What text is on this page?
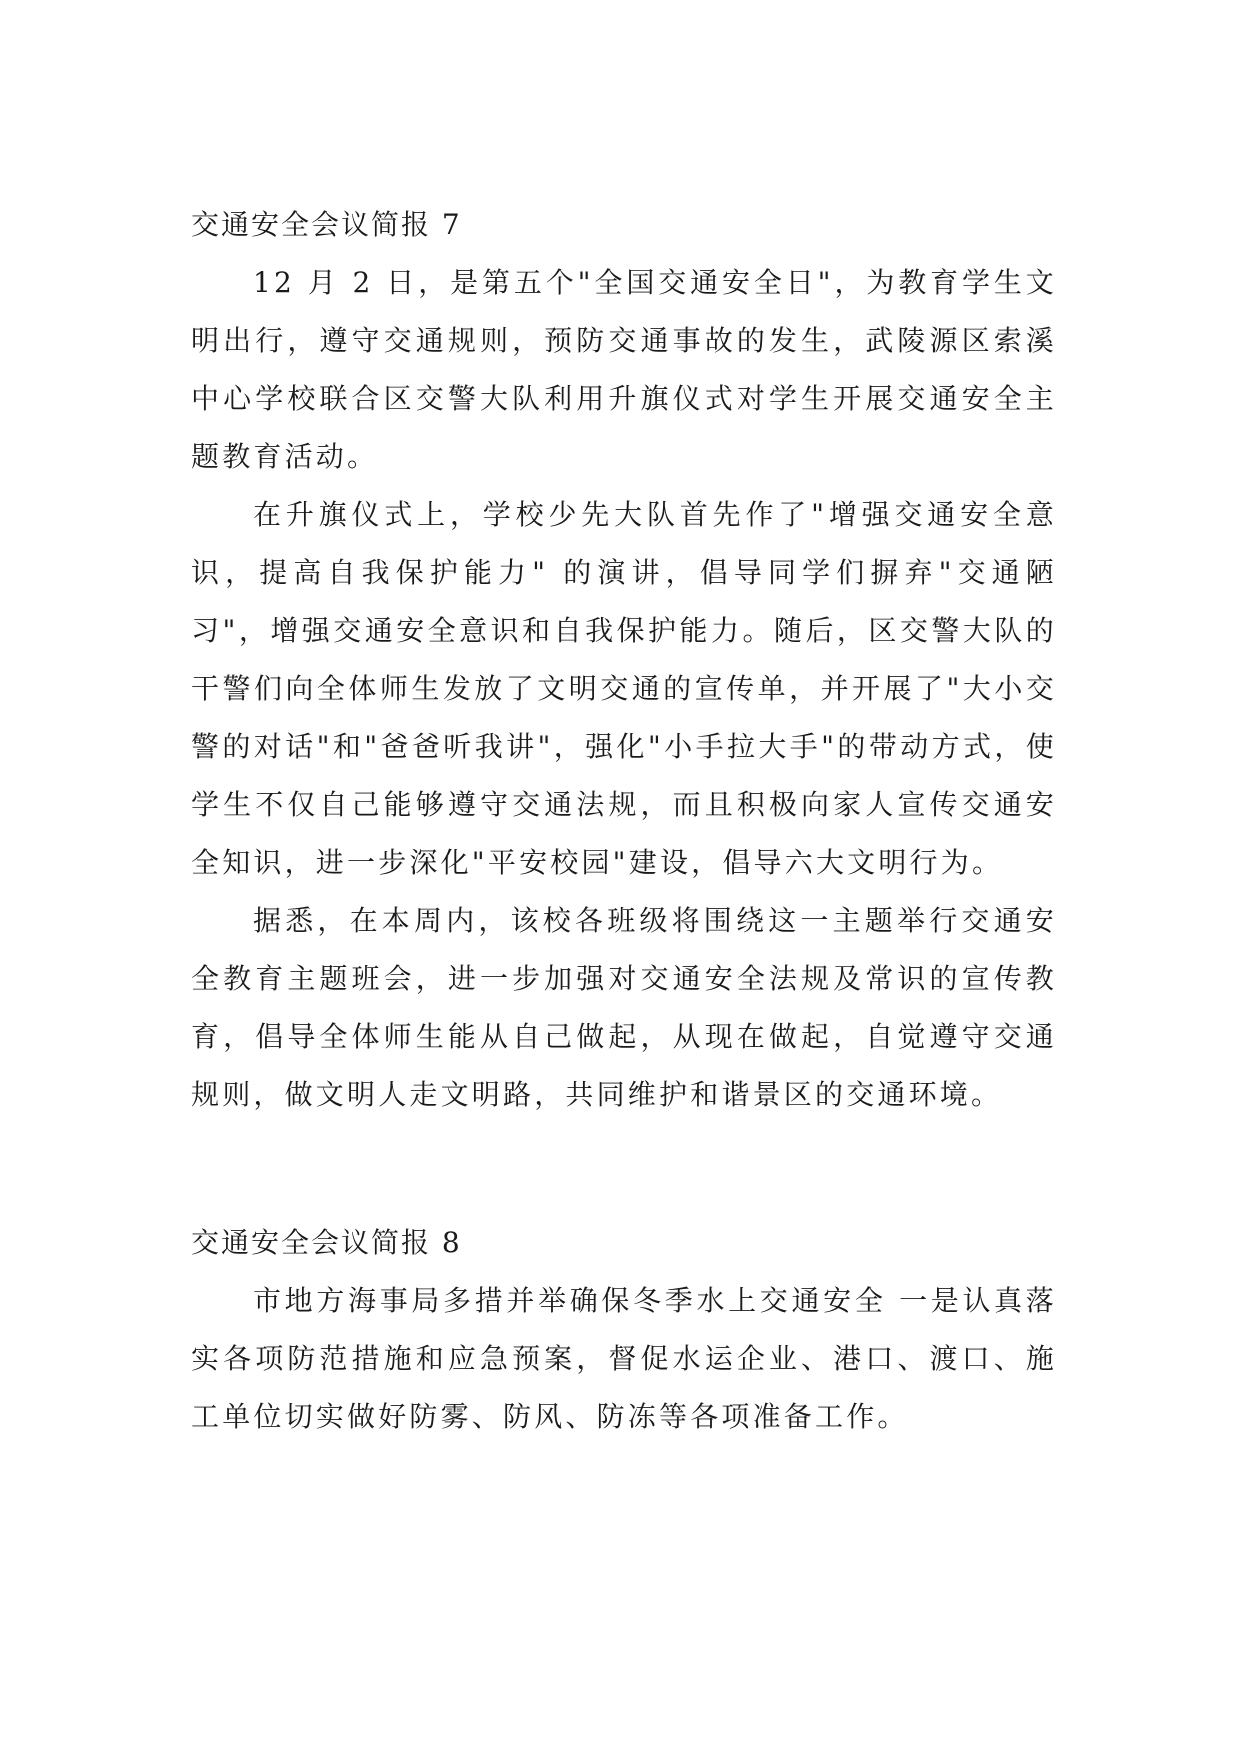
交通安全会议简报 7

12 月 2 日，是第五个"全国交通安全日"，为教育学生文明出行，遵守交通规则，预防交通事故的发生，武陵源区索溪中心学校联合区交警大队利用升旗仪式对学生开展交通安全主题教育活动。

在升旗仪式上，学校少先大队首先作了"增强交通安全意识，提高自我保护能力" 的演讲，倡导同学们摒弃"交通陋习"，增强交通安全意识和自我保护能力。随后，区交警大队的干警们向全体师生发放了文明交通的宣传单，并开展了"大小交警的对话"和"爸爸听我讲"，强化"小手拉大手"的带动方式，使学生不仅自己能够遵守交通法规，而且积极向家人宣传交通安全知识，进一步深化"平安校园"建设，倡导六大文明行为。

据悉，在本周内，该校各班级将围绕这一主题举行交通安全教育主题班会，进一步加强对交通安全法规及常识的宣传教育，倡导全体师生能从自己做起，从现在做起，自觉遵守交通规则，做文明人走文明路，共同维护和谐景区的交通环境。

交通安全会议简报 8

市地方海事局多措并举确保冬季水上交通安全 一是认真落实各项防范措施和应急预案，督促水运企业、港口、渡口、施工单位切实做好防雾、防风、防冻等各项准备工作。
